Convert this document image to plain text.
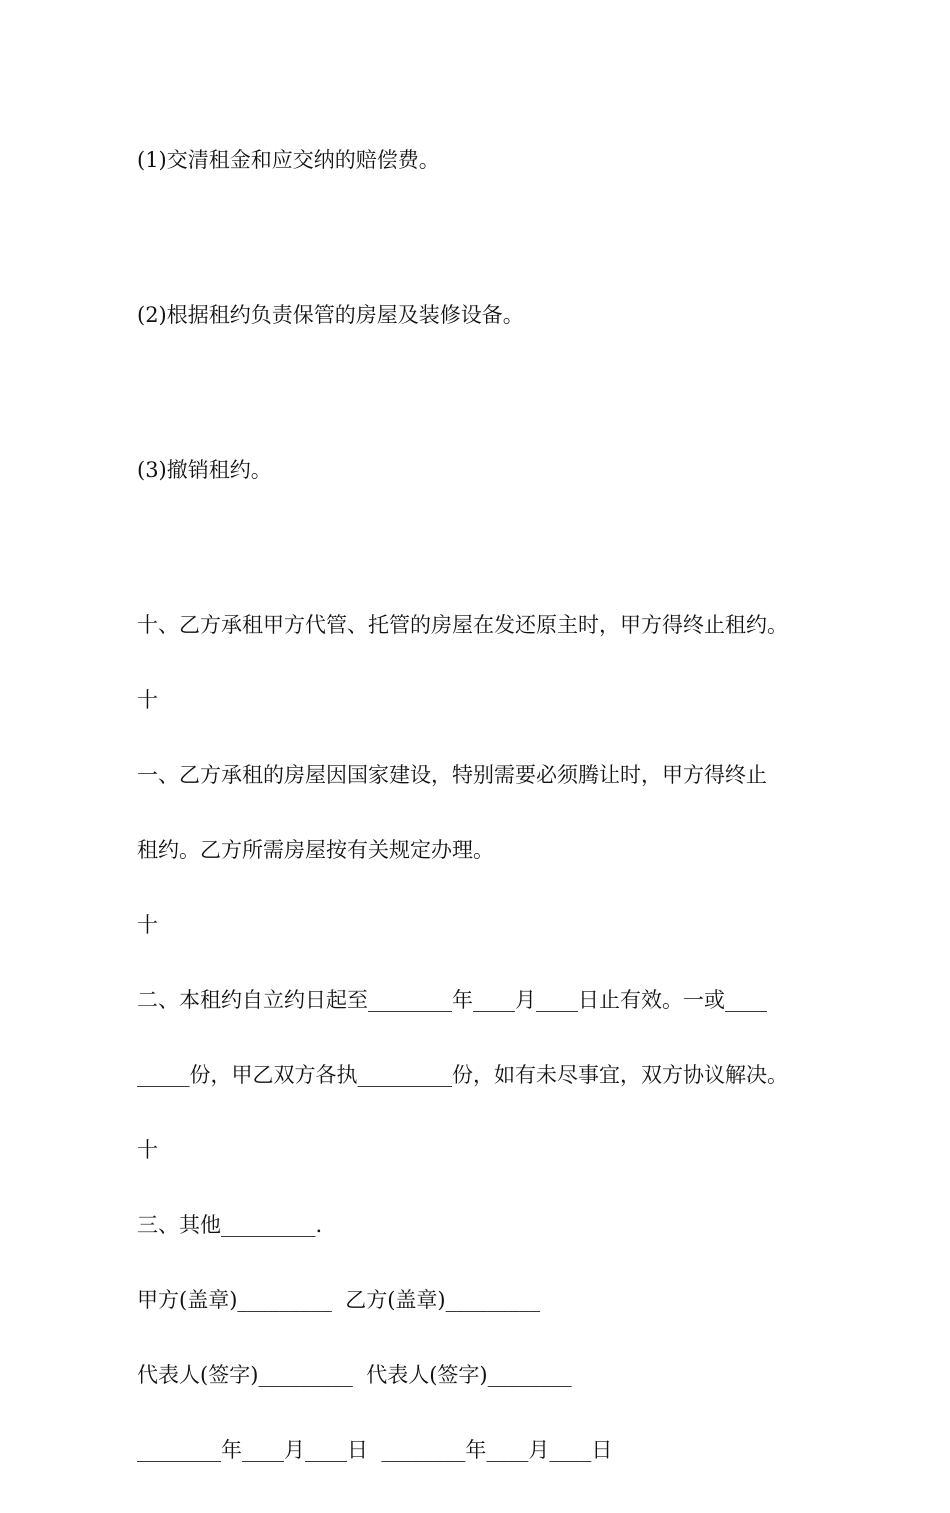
(1)交清租金和应交纳的赔偿费。

(2)根据租约负责保管的房屋及装修设备。

(3)撤销租约。

十、乙方承租甲方代管、托管的房屋在发还原主时，甲方得终止租约。

十

一、乙方承租的房屋因国家建设，特别需要必须腾让时，甲方得终止

租约。乙方所需房屋按有关规定办理。

十

二、本租约自立约日起至________年____月____日止有效。一或____

_____份，甲乙双方各执_________份，如有未尽事宜，双方协议解决。

十

三、其他_________.

甲方(盖章)_________  乙方(盖章)_________

代表人(签字)_________  代表人(签字)________

________年____月____日  ________年____月____日
